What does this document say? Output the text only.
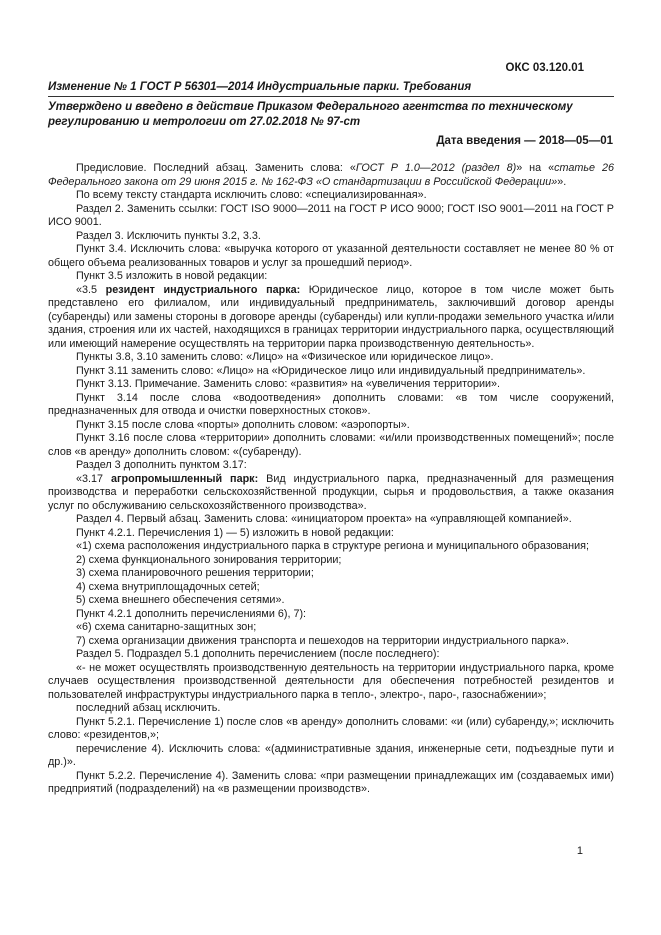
ОКС 03.120.01
Изменение № 1 ГОСТ Р 56301—2014 Индустриальные парки. Требования
Утверждено и введено в действие Приказом Федерального агентства по техническому регулированию и метрологии от 27.02.2018 № 97-ст
Дата введения — 2018—05—01

Предисловие. Последний абзац. Заменить слова: «ГОСТ Р 1.0—2012 (раздел 8)» на «статье 26 Федерального закона от 29 июня 2015 г. № 162-ФЗ «О стандартизации в Российской Федерации»».

По всему тексту стандарта исключить слово: «специализированная».

Раздел 2. Заменить ссылки: ГОСТ ISO 9000—2011 на ГОСТ Р ИСО 9000; ГОСТ ISO 9001—2011 на ГОСТ Р ИСО 9001.

Раздел 3. Исключить пункты 3.2, 3.3.

Пункт 3.4. Исключить слова: «выручка которого от указанной деятельности составляет не менее 80 % от общего объема реализованных товаров и услуг за прошедший период».

Пункт 3.5 изложить в новой редакции:

«3.5 резидент индустриального парка: Юридическое лицо, которое в том числе может быть представлено его филиалом, или индивидуальный предприниматель, заключивший договор аренды (субаренды) или замены стороны в договоре аренды (субаренды) или купли-продажи земельного участка и/или здания, строения или их частей, находящихся в границах территории индустриального парка, осуществляющий или имеющий намерение осуществлять на территории парка производственную деятельность».

Пункты 3.8, 3.10 заменить слово: «Лицо» на «Физическое или юридическое лицо».

Пункт 3.11 заменить слово: «Лицо» на «Юридическое лицо или индивидуальный предприниматель».

Пункт 3.13. Примечание. Заменить слово: «развития» на «увеличения территории».

Пункт 3.14 после слова «водоотведения» дополнить словами: «в том числе сооружений, предназначенных для отвода и очистки поверхностных стоков».

Пункт 3.15 после слова «порты» дополнить словом: «аэропорты».

Пункт 3.16 после слова «территории» дополнить словами: «и/или производственных помещений»; после слов «в аренду» дополнить словом: «(субаренду).

Раздел 3 дополнить пунктом 3.17:

«3.17 агропромышленный парк: Вид индустриального парка, предназначенный для размещения производства и переработки сельскохозяйственной продукции, сырья и продовольствия, а также оказания услуг по обслуживанию сельскохозяйственного производства».

Раздел 4. Первый абзац. Заменить слова: «инициатором проекта» на «управляющей компанией».

Пункт 4.2.1. Перечисления 1) — 5) изложить в новой редакции:

«1) схема расположения индустриального парка в структуре региона и муниципального образования;

2) схема функционального зонирования территории;

3) схема планировочного решения территории;

4) схема внутриплощадочных сетей;

5) схема внешнего обеспечения сетями».

Пункт 4.2.1 дополнить перечислениями 6), 7):

«6) схема санитарно-защитных зон;

7) схема организации движения транспорта и пешеходов на территории индустриального парка».

Раздел 5. Подраздел 5.1 дополнить перечислением (после последнего):

«- не может осуществлять производственную деятельность на территории индустриального парка, кроме случаев осуществления производственной деятельности для обеспечения потребностей резидентов и пользователей инфраструктуры индустриального парка в тепло-, электро-, паро-, газоснабжении»;

последний абзац исключить.

Пункт 5.2.1. Перечисление 1) после слов «в аренду» дополнить словами: «и (или) субаренду,»; исключить слово: «резидентов,»;

перечисление 4). Исключить слова: «(административные здания, инженерные сети, подъездные пути и др.)».

Пункт 5.2.2. Перечисление 4). Заменить слова: «при размещении принадлежащих им (создаваемых ими) предприятий (подразделений) на «в размещении производств».

1
